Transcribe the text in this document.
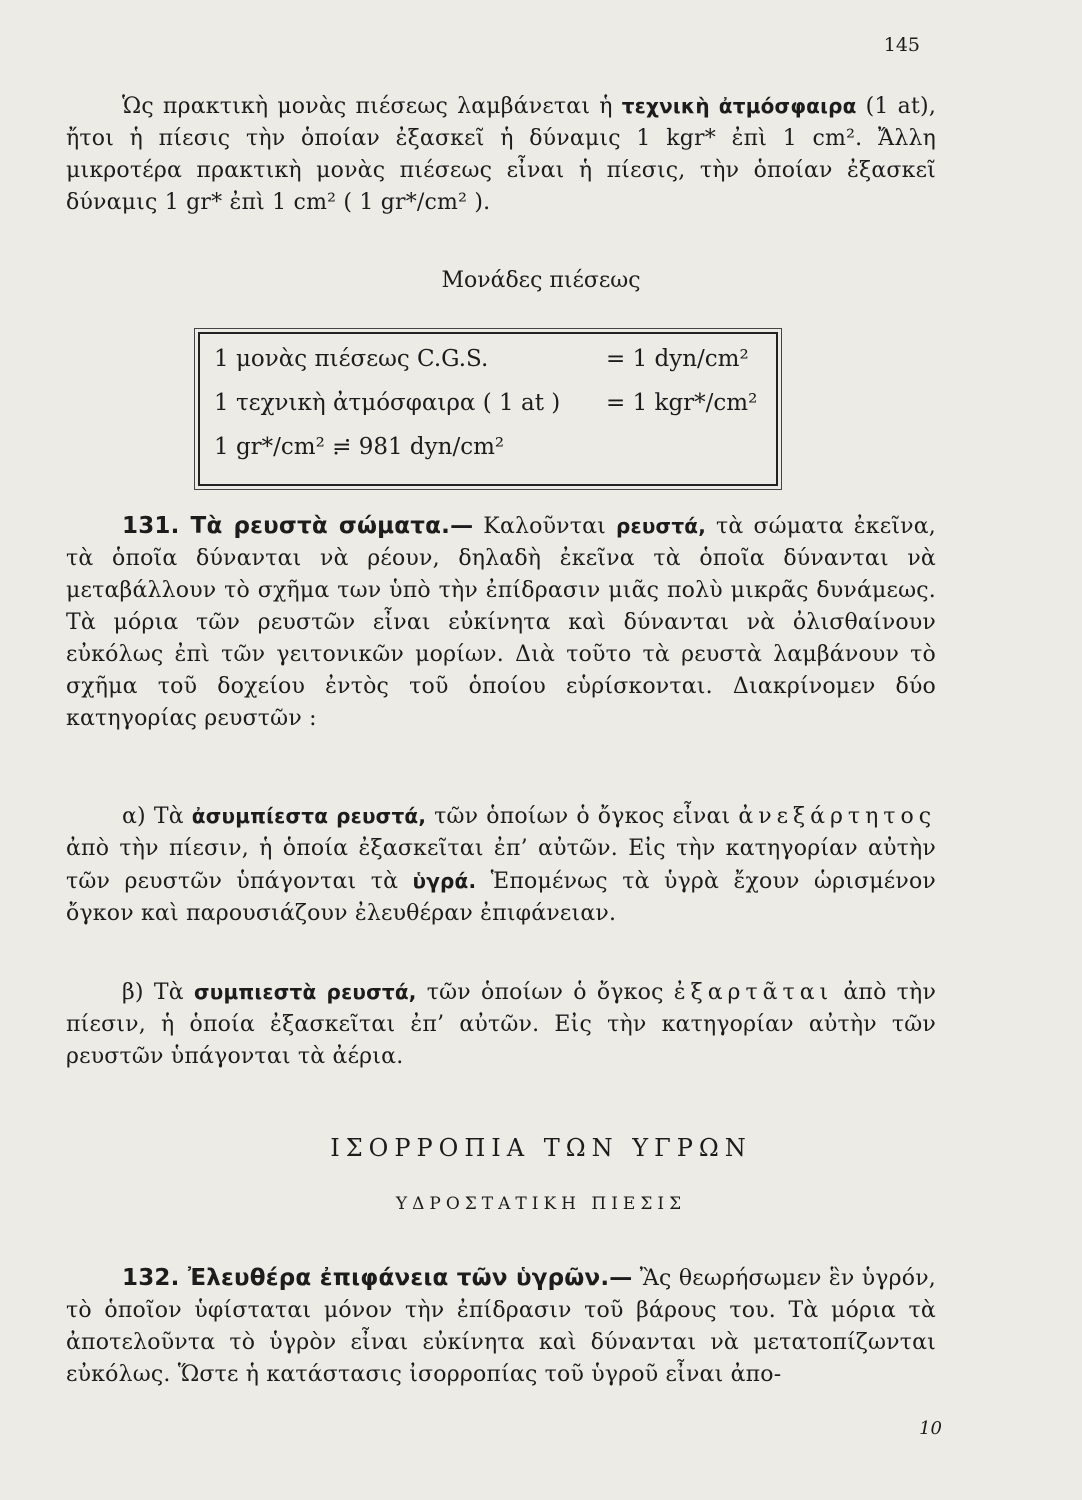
145

Ὡς πρακτικὴ μονὰς πιέσεως λαμβάνεται ἡ τεχνικὴ ἀτμόσφαιρα (1 at), ἤτοι ἡ πίεσις τὴν ὁποίαν ἐξασκεῖ ἡ δύναμις 1 kgr* ἐπὶ 1 cm². Ἄλλη μικροτέρα πρακτικὴ μονὰς πιέσεως εἶναι ἡ πίεσις, τὴν ὁποίαν ἐξασκεῖ δύναμις 1 gr* ἐπὶ 1 cm² ( 1 gr*/cm² ).

Μονάδες πιέσεως
1 μονὰς πιέσεως C.G.S.	= 1 dyn/cm²
1 τεχνικὴ ἀτμόσφαιρα ( 1 at ) = 1 kgr*/cm²
1 gr*/cm² ≓ 981 dyn/cm²

131. Τὰ ρευστὰ σώματα.— Καλοῦνται ρευστά, τὰ σώματα ἐκεῖνα, τὰ ὁποῖα δύνανται νὰ ρέουν, δηλαδὴ ἐκεῖνα τὰ ὁποῖα δύνανται νὰ μεταβάλλουν τὸ σχῆμα των ὑπὸ τὴν ἐπίδρασιν μιᾶς πολὺ μικρᾶς δυνάμεως. Τὰ μόρια τῶν ρευστῶν εἶναι εὐκίνητα καὶ δύνανται νὰ ὀλισθαίνουν εὐκόλως ἐπὶ τῶν γειτονικῶν μορίων. Διὰ τοῦτο τὰ ρευστὰ λαμβάνουν τὸ σχῆμα τοῦ δοχείου ἐντὸς τοῦ ὁποίου εὑρίσκονται. Διακρίνομεν δύο κατηγορίας ρευστῶν :

α) Τὰ ἀσυμπίεστα ρευστά, τῶν ὁποίων ὁ ὄγκος εἶναι ἀνεξάρτητος ἀπὸ τὴν πίεσιν, ἡ ὁποία ἐξασκεῖται ἐπ’ αὐτῶν. Εἰς τὴν κατηγορίαν αὐτὴν τῶν ρευστῶν ὑπάγονται τὰ ὑγρά. Ἑπομένως τὰ ὑγρὰ ἔχουν ὡρισμένον ὄγκον καὶ παρουσιάζουν ἐλευθέραν ἐπιφάνειαν.

β) Τὰ συμπιεστὰ ρευστά, τῶν ὁποίων ὁ ὄγκος ἐξαρτᾶται ἀπὸ τὴν πίεσιν, ἡ ὁποία ἐξασκεῖται ἐπ’ αὐτῶν. Εἰς τὴν κατηγορίαν αὐτὴν τῶν ρευστῶν ὑπάγονται τὰ ἀέρια.

ΙΣΟΡΡΟΠΙΑ ΤΩΝ ΥΓΡΩΝ
ΥΔΡΟΣΤΑΤΙΚΗ ΠΙΕΣΙΣ

132. Ἐλευθέρα ἐπιφάνεια τῶν ὑγρῶν.— Ἂς θεωρήσωμεν ἓν ὑγρόν, τὸ ὁποῖον ὑφίσταται μόνον τὴν ἐπίδρασιν τοῦ βάρους του. Τὰ μόρια τὰ ἀποτελοῦντα τὸ ὑγρὸν εἶναι εὐκίνητα καὶ δύνανται νὰ μετατοπίζωνται εὐκόλως. Ὥστε ἡ κατάστασις ἰσορροπίας τοῦ ὑγροῦ εἶναι ἀπο-

10
